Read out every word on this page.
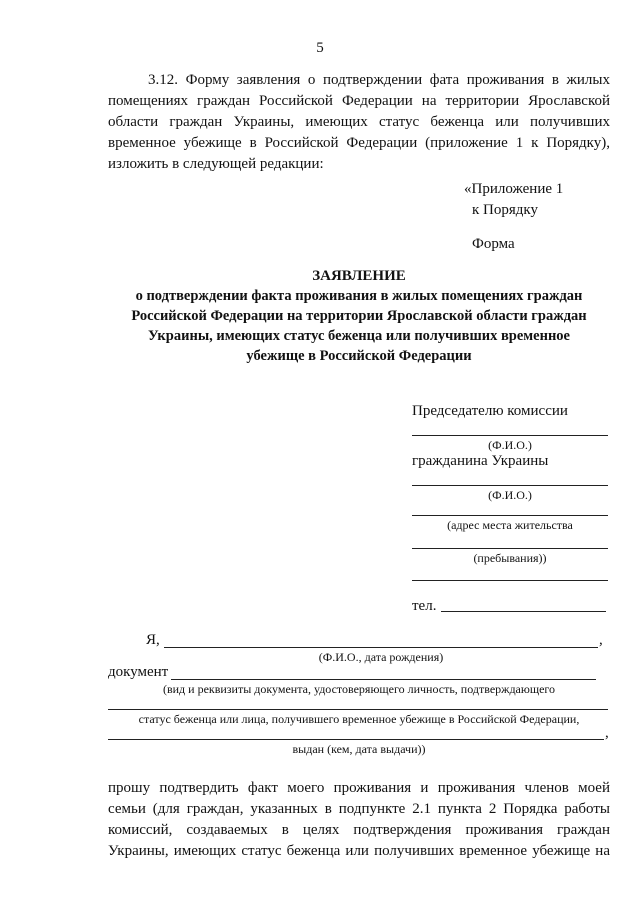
5
3.12. Форму заявления о подтверждении фата проживания в жилых
помещениях граждан Российской Федерации на территории Ярославской
области граждан Украины, имеющих статус беженца или получивших
временное убежище в Российской Федерации (приложение 1 к Порядку),
изложить в следующей редакции:
«Приложение 1
к Порядку
Форма
ЗАЯВЛЕНИЕ
о подтверждении факта проживания в жилых помещениях граждан
Российской Федерации на территории Ярославской области граждан
Украины, имеющих статус беженца или получивших временное
убежище в Российской Федерации
Председателю комиссии
(Ф.И.О.)
гражданина Украины
(Ф.И.О.)
(адрес места жительства
(пребывания))
тел.
Я,	,
(Ф.И.О., дата рождения)
документ
(вид и реквизиты документа, удостоверяющего личность, подтверждающего
статус беженца или лица, получившего временное убежище в Российской Федерации,
,
выдан (кем, дата выдачи))
прошу подтвердить факт моего проживания и проживания членов моей
семьи (для граждан, указанных в подпункте 2.1 пункта 2 Порядка работы
комиссий, создаваемых в целях подтверждения проживания граждан
Украины, имеющих статус беженца или получивших временное убежище на
